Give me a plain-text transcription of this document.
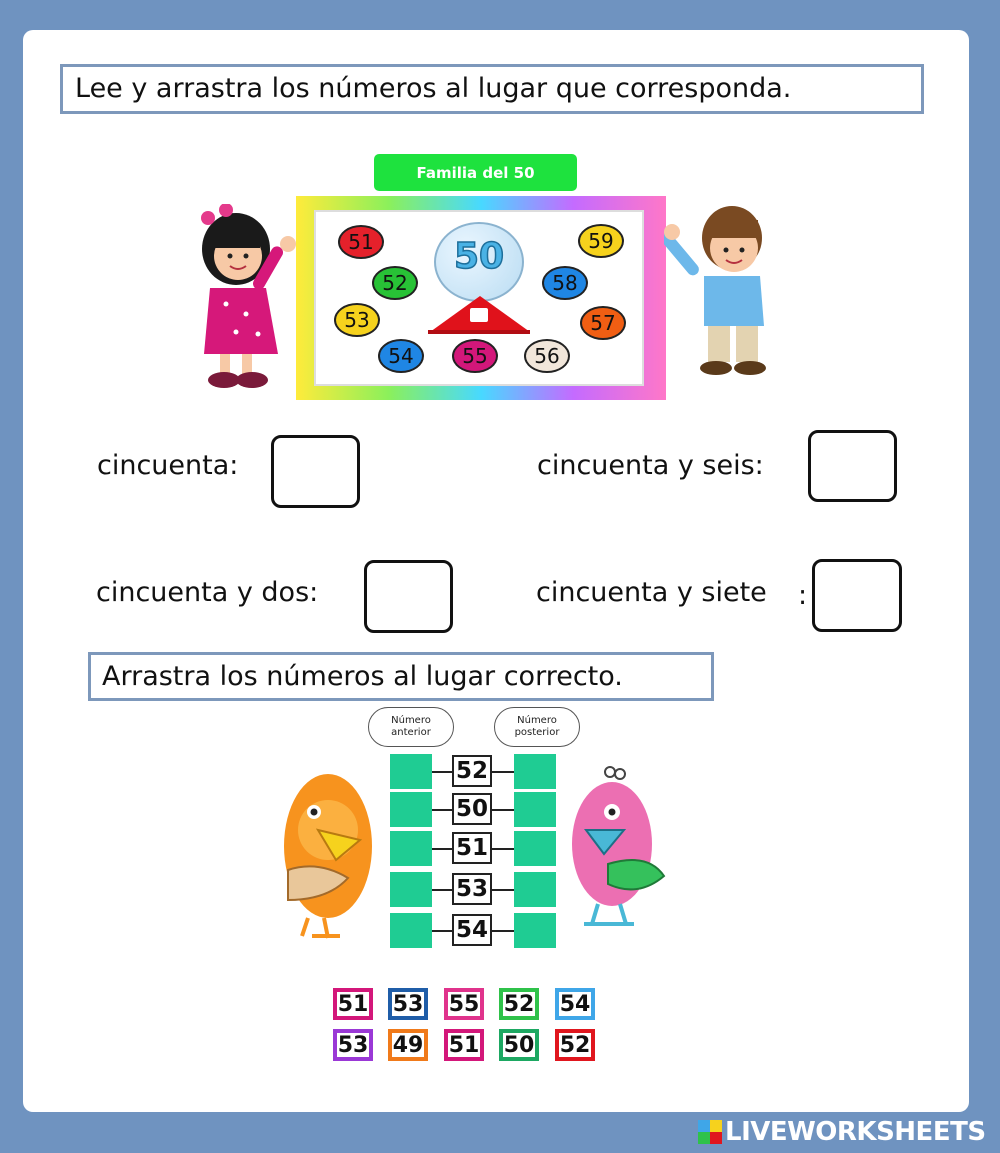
Lee y arrastra los números al lugar que corresponda.
Familia del 50
50
51
52
53
54	55	56
57
58
59
cincuenta:	cincuenta y seis:
cincuenta y dos:	cincuenta y siete :
Arrastra los números al lugar correcto.
Número
anterior
Número
posterior
52
50
51
53
54
51 53 55 52 54
53 49 51 50 52
LIVEWORKSHEETS
